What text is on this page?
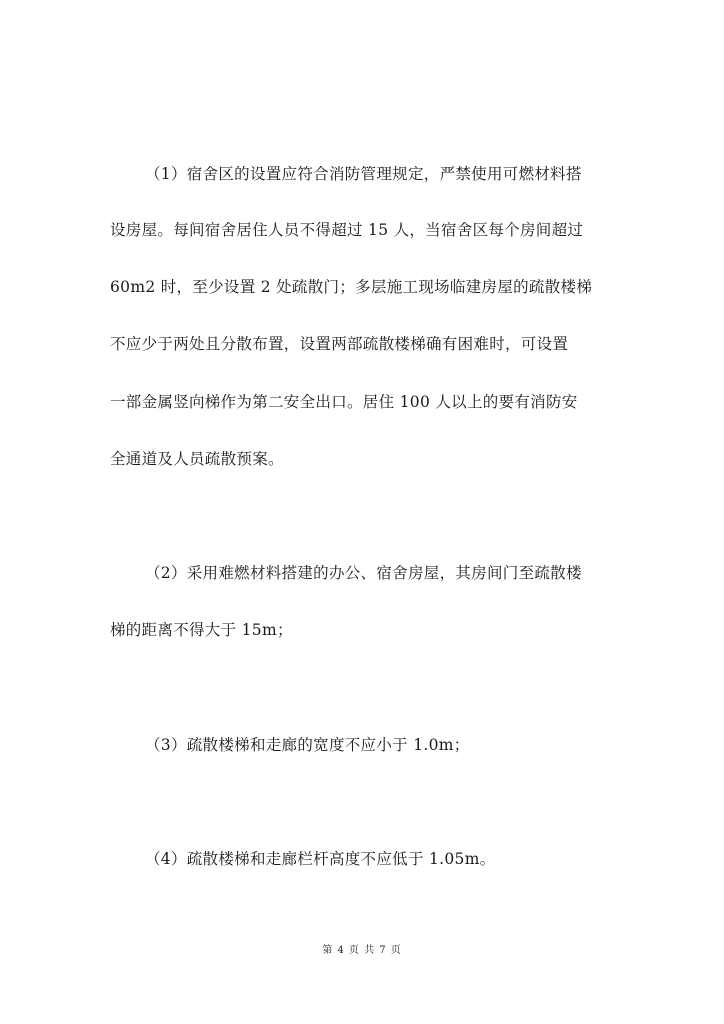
（1）宿舍区的设置应符合消防管理规定，严禁使用可燃材料搭
设房屋。每间宿舍居住人员不得超过 15 人，当宿舍区每个房间超过
60m2 时，至少设置 2 处疏散门；多层施工现场临建房屋的疏散楼梯
不应少于两处且分散布置，设置两部疏散楼梯确有困难时，可设置
一部金属竖向梯作为第二安全出口。居住 100 人以上的要有消防安
全通道及人员疏散预案。
（2）采用难燃材料搭建的办公、宿舍房屋，其房间门至疏散楼
梯的距离不得大于 15m；
（3）疏散楼梯和走廊的宽度不应小于 1.0m；
（4）疏散楼梯和走廊栏杆高度不应低于 1.05m。
第 4 页 共 7 页
